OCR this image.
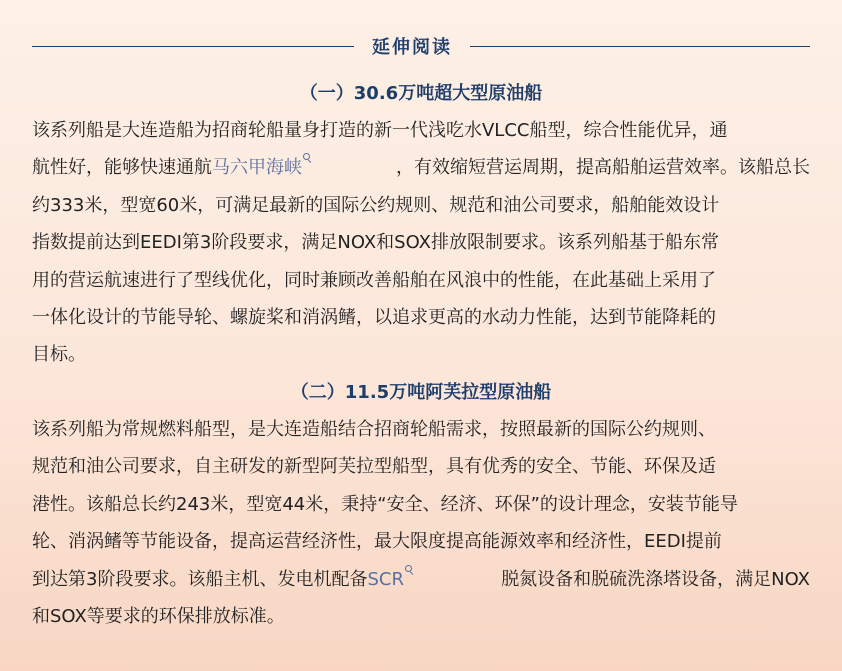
延伸阅读
（一）30.6万吨超大型原油船
该系列船是大连造船为招商轮船量身打造的新一代浅吃水VLCC船型，综合性能优异，通
航性好，能够快速通航马六甲海峡	，有效缩短营运周期，提高船舶运营效率。该船总长
约333米，型宽60米，可满足最新的国际公约规则、规范和油公司要求，船舶能效设计
指数提前达到EEDI第3阶段要求，满足NOX和SOX排放限制要求。该系列船基于船东常
用的营运航速进行了型线优化，同时兼顾改善船舶在风浪中的性能，在此基础上采用了
一体化设计的节能导轮、螺旋桨和消涡鳍，以追求更高的水动力性能，达到节能降耗的
目标。
（二）11.5万吨阿芙拉型原油船
该系列船为常规燃料船型，是大连造船结合招商轮船需求，按照最新的国际公约规则、
规范和油公司要求，自主研发的新型阿芙拉型船型，具有优秀的安全、节能、环保及适
港性。该船总长约243米，型宽44米，秉持“安全、经济、环保”的设计理念，安装节能导
轮、消涡鳍等节能设备，提高运营经济性，最大限度提高能源效率和经济性，EEDI提前
到达第3阶段要求。该船主机、发电机配备SCR	脱氮设备和脱硫洗涤塔设备，满足NOX
和SOX等要求的环保排放标准。
